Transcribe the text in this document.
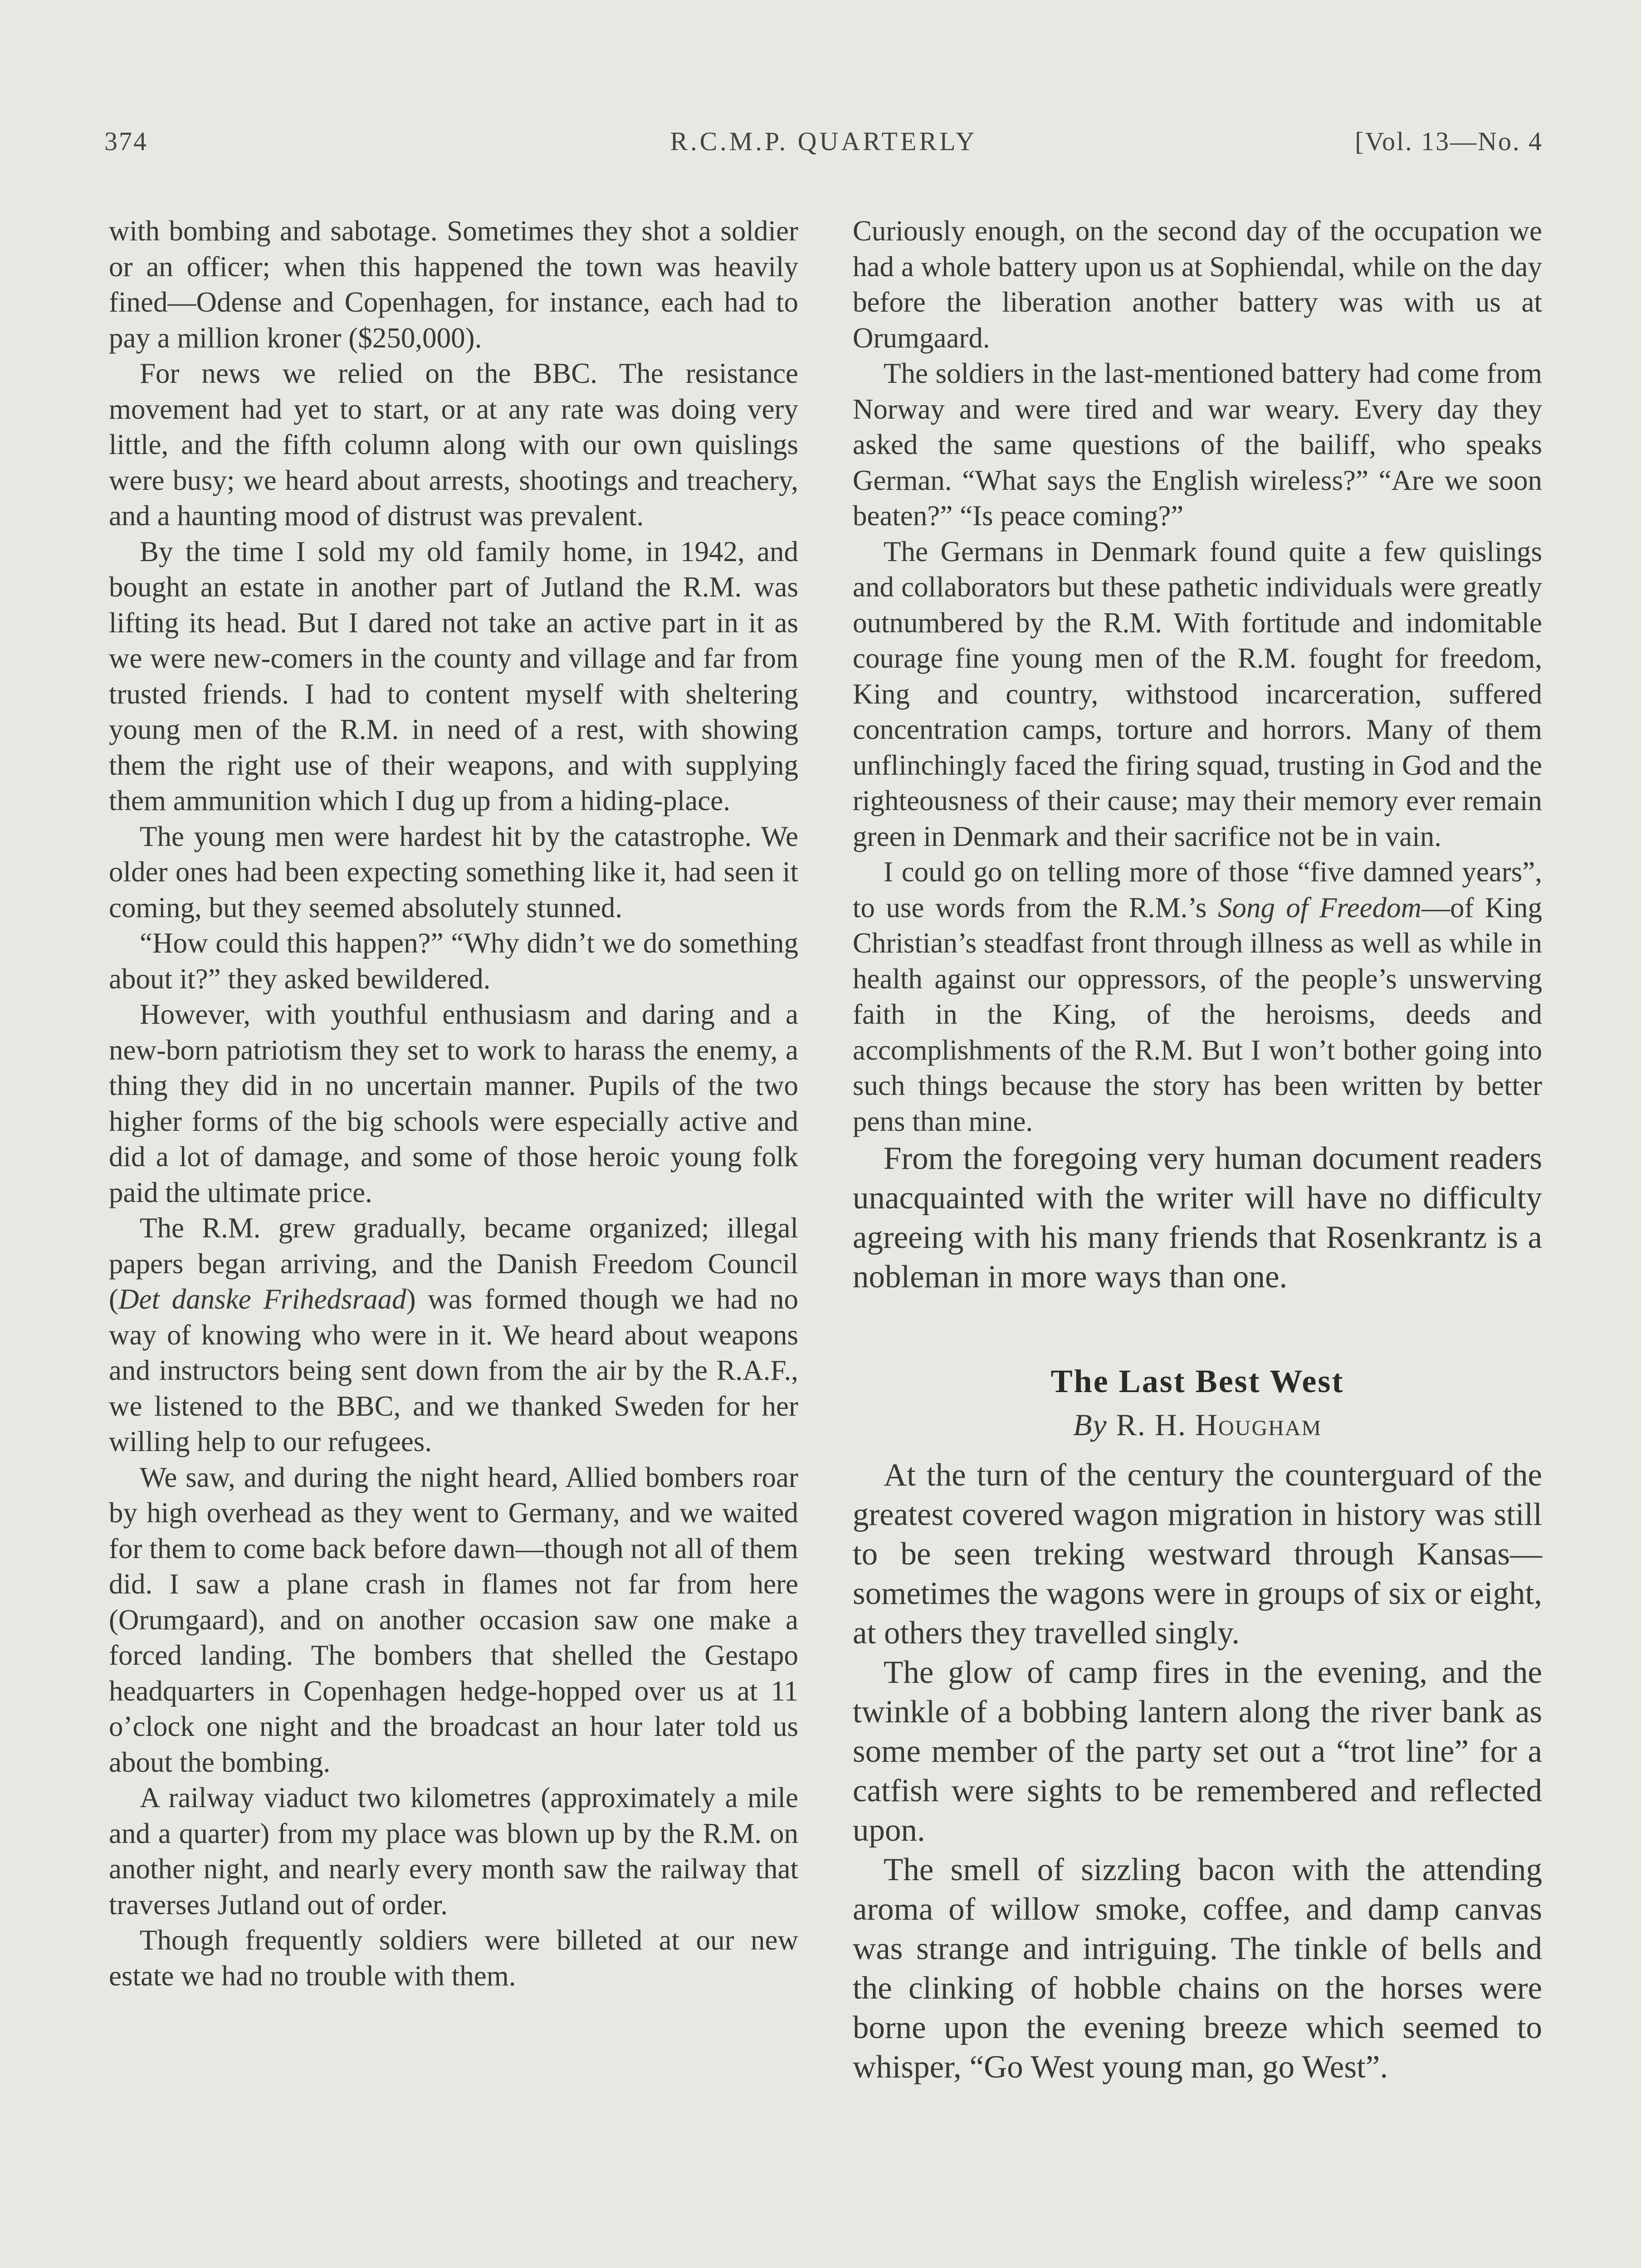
374	R.C.M.P. QUARTERLY	[Vol. 13—No. 4

with bombing and sabotage. Sometimes they shot a soldier or an officer; when this happened the town was heavily fined—Odense and Copenhagen, for instance, each had to pay a million kroner ($250,000).

For news we relied on the BBC. The resistance movement had yet to start, or at any rate was doing very little, and the fifth column along with our own quislings were busy; we heard about arrests, shootings and treachery, and a haunting mood of distrust was prevalent.

By the time I sold my old family home, in 1942, and bought an estate in another part of Jutland the R.M. was lifting its head. But I dared not take an active part in it as we were new-comers in the county and village and far from trusted friends. I had to content myself with sheltering young men of the R.M. in need of a rest, with showing them the right use of their weapons, and with supplying them ammunition which I dug up from a hiding-place.

The young men were hardest hit by the catastrophe. We older ones had been expecting something like it, had seen it coming, but they seemed absolutely stunned.

“How could this happen?” “Why didn’t we do something about it?” they asked bewildered.

However, with youthful enthusiasm and daring and a new-born patriotism they set to work to harass the enemy, a thing they did in no uncertain manner. Pupils of the two higher forms of the big schools were especially active and did a lot of damage, and some of those heroic young folk paid the ultimate price.

The R.M. grew gradually, became organized; illegal papers began arriving, and the Danish Freedom Council (Det danske Frihedsraad) was formed though we had no way of knowing who were in it. We heard about weapons and instructors being sent down from the air by the R.A.F., we listened to the BBC, and we thanked Sweden for her willing help to our refugees.

We saw, and during the night heard, Allied bombers roar by high overhead as they went to Germany, and we waited for them to come back before dawn—though not all of them did. I saw a plane crash in flames not far from here (Orumgaard), and on another occasion saw one make a forced landing. The bombers that shelled the Gestapo headquarters in Copenhagen hedge-hopped over us at 11 o’clock one night and the broadcast an hour later told us about the bombing.

A railway viaduct two kilometres (approximately a mile and a quarter) from my place was blown up by the R.M. on another night, and nearly every month saw the railway that traverses Jutland out of order.

Though frequently soldiers were billeted at our new estate we had no trouble with them.

Curiously enough, on the second day of the occupation we had a whole battery upon us at Sophiendal, while on the day before the liberation another battery was with us at Orumgaard.

The soldiers in the last-mentioned battery had come from Norway and were tired and war weary. Every day they asked the same questions of the bailiff, who speaks German. “What says the English wireless?” “Are we soon beaten?” “Is peace coming?”

The Germans in Denmark found quite a few quislings and collaborators but these pathetic individuals were greatly outnumbered by the R.M. With fortitude and indomitable courage fine young men of the R.M. fought for freedom, King and country, withstood incarceration, suffered concentration camps, torture and horrors. Many of them unflinchingly faced the firing squad, trusting in God and the righteousness of their cause; may their memory ever remain green in Denmark and their sacrifice not be in vain.

I could go on telling more of those “five damned years”, to use words from the R.M.’s Song of Freedom—of King Christian’s steadfast front through illness as well as while in health against our oppressors, of the people’s unswerving faith in the King, of the heroisms, deeds and accomplishments of the R.M. But I won’t bother going into such things because the story has been written by better pens than mine.

From the foregoing very human document readers unacquainted with the writer will have no difficulty agreeing with his many friends that Rosenkrantz is a nobleman in more ways than one.

The Last Best West
By R. H. Hougham

At the turn of the century the counterguard of the greatest covered wagon migration in history was still to be seen treking westward through Kansas—sometimes the wagons were in groups of six or eight, at others they travelled singly.

The glow of camp fires in the evening, and the twinkle of a bobbing lantern along the river bank as some member of the party set out a “trot line” for a catfish were sights to be remembered and reflected upon.

The smell of sizzling bacon with the attending aroma of willow smoke, coffee, and damp canvas was strange and intriguing. The tinkle of bells and the clinking of hobble chains on the horses were borne upon the evening breeze which seemed to whisper, “Go West young man, go West”.
